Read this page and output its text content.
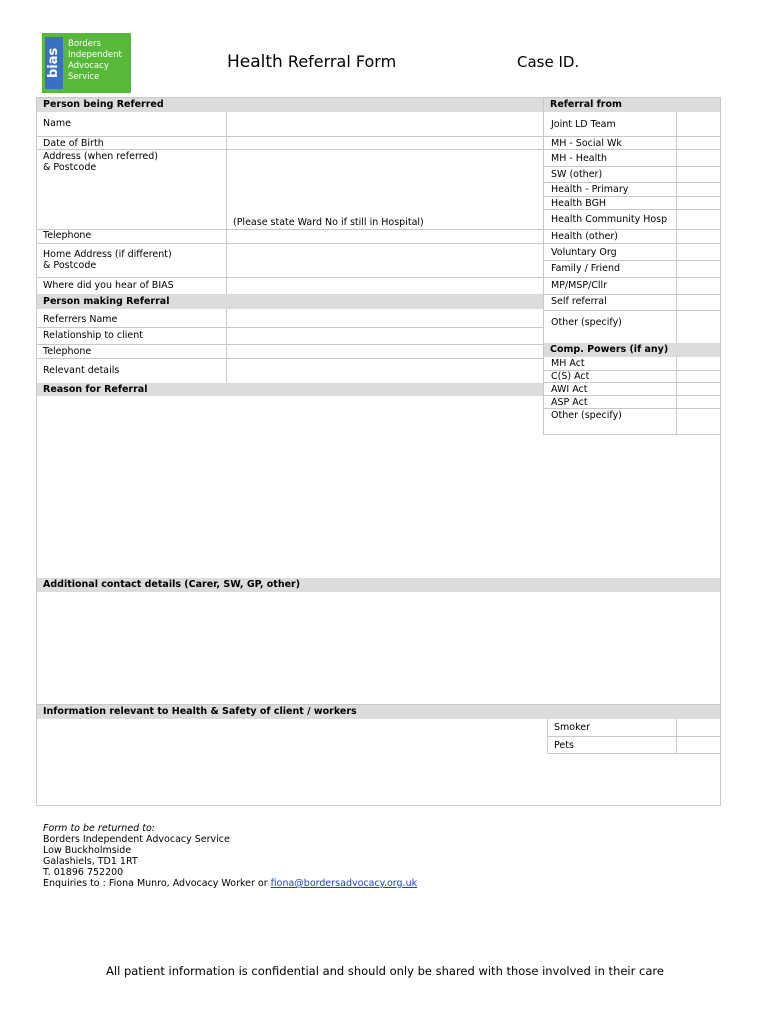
bias
Borders
Independent
Advocacy
Service
Health Referral Form	Case ID.
Person being Referred
Name
Date of Birth
Address (when referred)
& Postcode
(Please state Ward No if still in Hospital)
Telephone
Home Address (if different)
& Postcode
Where did you hear of BIAS
Person making Referral
Referrers Name
Relationship to client
Telephone
Relevant details
Reason for Referral
Referral from
Joint LD Team
MH - Social Wk
MH - Health
SW (other)
Health - Primary
Health BGH
Health Community Hosp
Health (other)
Voluntary Org
Family / Friend
MP/MSP/Cllr
Self referral
Other (specify)
Comp. Powers (if any)
MH Act
C(S) Act
AWI Act
ASP Act
Other (specify)
Additional contact details (Carer, SW, GP, other)
Information relevant to Health & Safety of client / workers
Smoker
Pets
Form to be returned to:
Borders Independent Advocacy Service
Low Buckholmside
Galashiels, TD1 1RT
T. 01896 752200
Enquiries to : Fiona Munro, Advocacy Worker or fiona@bordersadvocacy.org.uk
All patient information is confidential and should only be shared with those involved in their care
